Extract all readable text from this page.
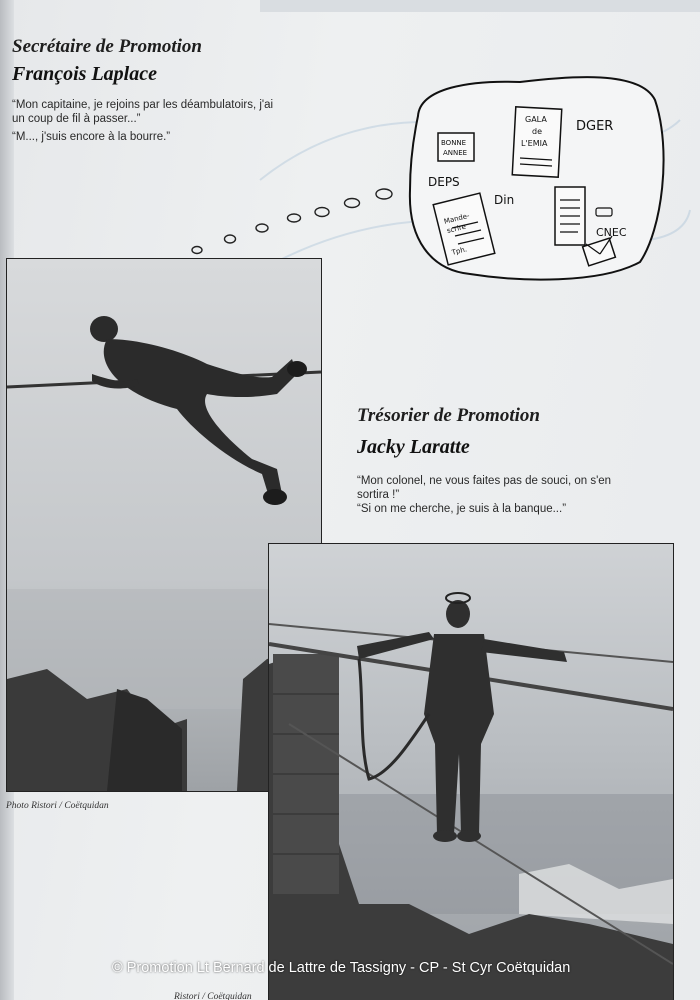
Secrétaire de Promotion
François Laplace

“Mon capitaine, je rejoins par les déambulatoirs, j'ai

un coup de fil à passer...”

“M..., j'suis encore à la bourre.”	BONNE
ANNEE
GALA
de
L'EMIA
DGER
DEPS
Din
CNEC
Mande-
scrire
Tph.
Photo Ristori / Coëtquidan
Trésorier de Promotion
Jacky Laratte

“Mon colonel, ne vous faites pas de souci, on s'en

sortira !”

“Si on me cherche, je suis à la banque...”

Ristori / Coëtquidan
© Promotion Lt Bernard de Lattre de Tassigny - CP - St Cyr Coëtquidan
